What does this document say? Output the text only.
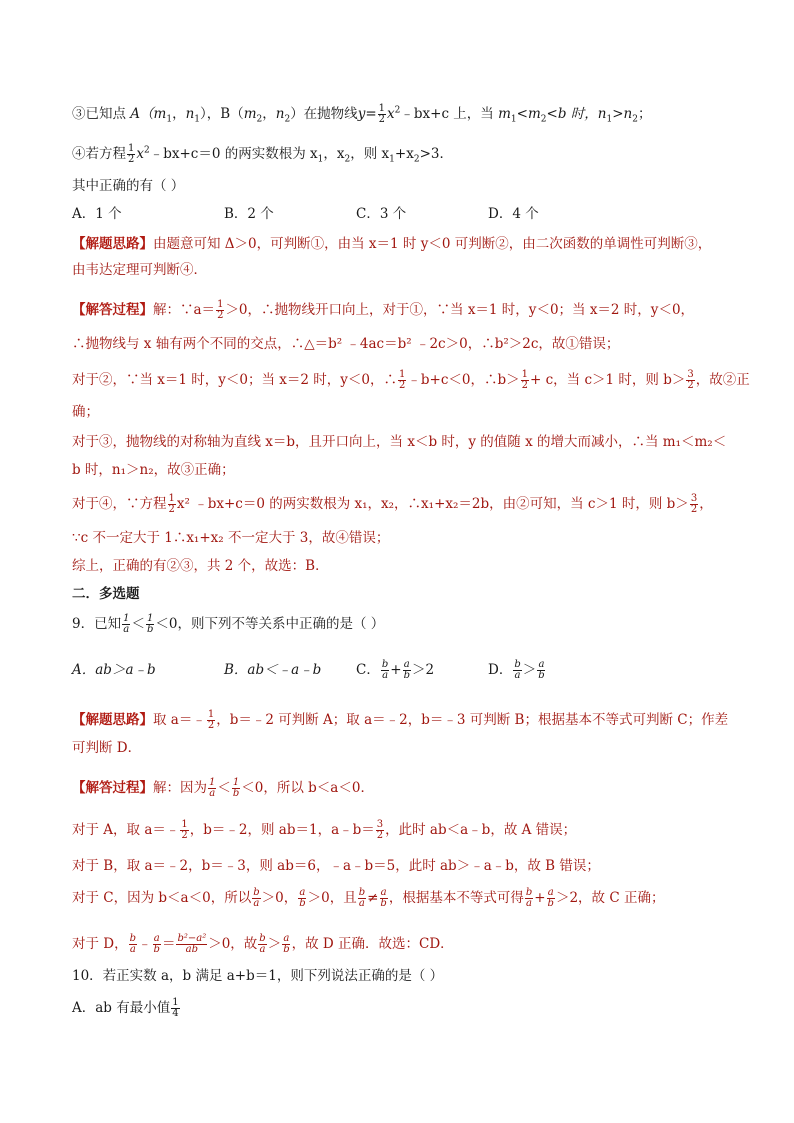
③已知点 $A(m_1$，$n_1$），$B(m_2$，$n_2$）在抛物线$y= \frac{1}{2}$ $x^2﹣bx+c$ 上，当 $m_1<m_2<b$ 时，$n_1>n_2$；
④若方程 $\frac{1}{2}$ $x^2﹣bx+c=0$ 的两实数根为 $x_1$，$x_2$，则 $x_1+x_2>3$．
其中正确的有（ ）
A．1 个	B．2 个	C．3 个	D．4 个
【解题思路】由题意可知 Δ＞0，可判断①，由当 x＝1 时 y＜0 可判断②，由二次函数的单调性可判断③，
由韦达定理可判断④．
【解答过程】解：∵a＝ $\frac{1}{2} >0$，∴抛物线开口向上，对于①，∵当 x＝1 时，y＜0；当 x＝2 时，y＜0，
∴抛物线与 x 轴有两个不同的交点，∴△＝b² ﹣4ac＝b² ﹣2c＞0，∴b²＞2c，故①错误；
对于②，∵当 x＝1 时，y＜0；当 x＝2 时，y＜0，∴ $\frac{1}{2}$ ﹣b+c＜0，∴b＞ $\frac{1}{2} + c$，当 c＞1 时，则 $b> \frac{3}{2}$ ，故②正
确；
对于③，抛物线的对称轴为直线 x＝b，且开口向上，当 x＜b 时，y 的值随 x 的增大而减小，∴当 m₁＜m₂＜
b 时，n₁＞n₂，故③正确；
对于④，∵方程 $\frac{1}{2} x^2$ ﹣bx+c＝0 的两实数根为 x₁，x₂，∴x₁+x₂＝2b，由②可知，当 c＞1 时，则 $b> \frac{3}{2}$ ，
∵c 不一定大于 1∴x₁+x₂ 不一定大于 3，故④错误；
综上，正确的有②③，共 2 个，故选：B．
二．多选题
9．已知 $\frac{1}{a} < \frac{1}{b} <0$，则下列不等关系中正确的是（ ）
A．ab＞a﹣b	B．ab＜﹣a﹣b	C． $\frac{b}{a} + \frac{a}{b} >2$	D． $\frac{b}{a} > \frac{a}{b}$
【解题思路】取 a＝﹣ $\frac{1}{2}$ ，b＝﹣2 可判断 A；取 a＝﹣2，b＝﹣3 可判断 B；根据基本不等式可判断 C；作差
可判断 D．
【解答过程】解：因为 $\frac{1}{a} < \frac{1}{b} <0$，所以 b＜a＜0．
对于 A，取 a＝﹣ $\frac{1}{2}$ ，b＝﹣2，则 ab＝1，a﹣b＝ $\frac{3}{2}$ ，此时 ab＜a﹣b，故 A 错误；
对于 B，取 a＝﹣2，b＝﹣3，则 ab＝6，﹣a﹣b＝5，此时 ab＞﹣a﹣b，故 B 错误；
对于 C，因为 b＜a＜0，所以 $\frac{b}{a} >0$， $\frac{a}{b} >0$，且 $\frac{b}{a} \ne \frac{a}{b}$ ，根据基本不等式可得 $\frac{b}{a} + \frac{a}{b} >2$，故 C 正确；
对于 D， $\frac{b}{a}$ ﹣ $\frac{a}{b} = \frac{\text{b²−a²}}{ab} >0$，故 $\frac{b}{a} > \frac{a}{b}$ ，故 D 正确．故选：CD．
10．若正实数 a，b 满足 a+b＝1，则下列说法正确的是（ ）
A．ab 有最小值 $\frac{1}{4}$
